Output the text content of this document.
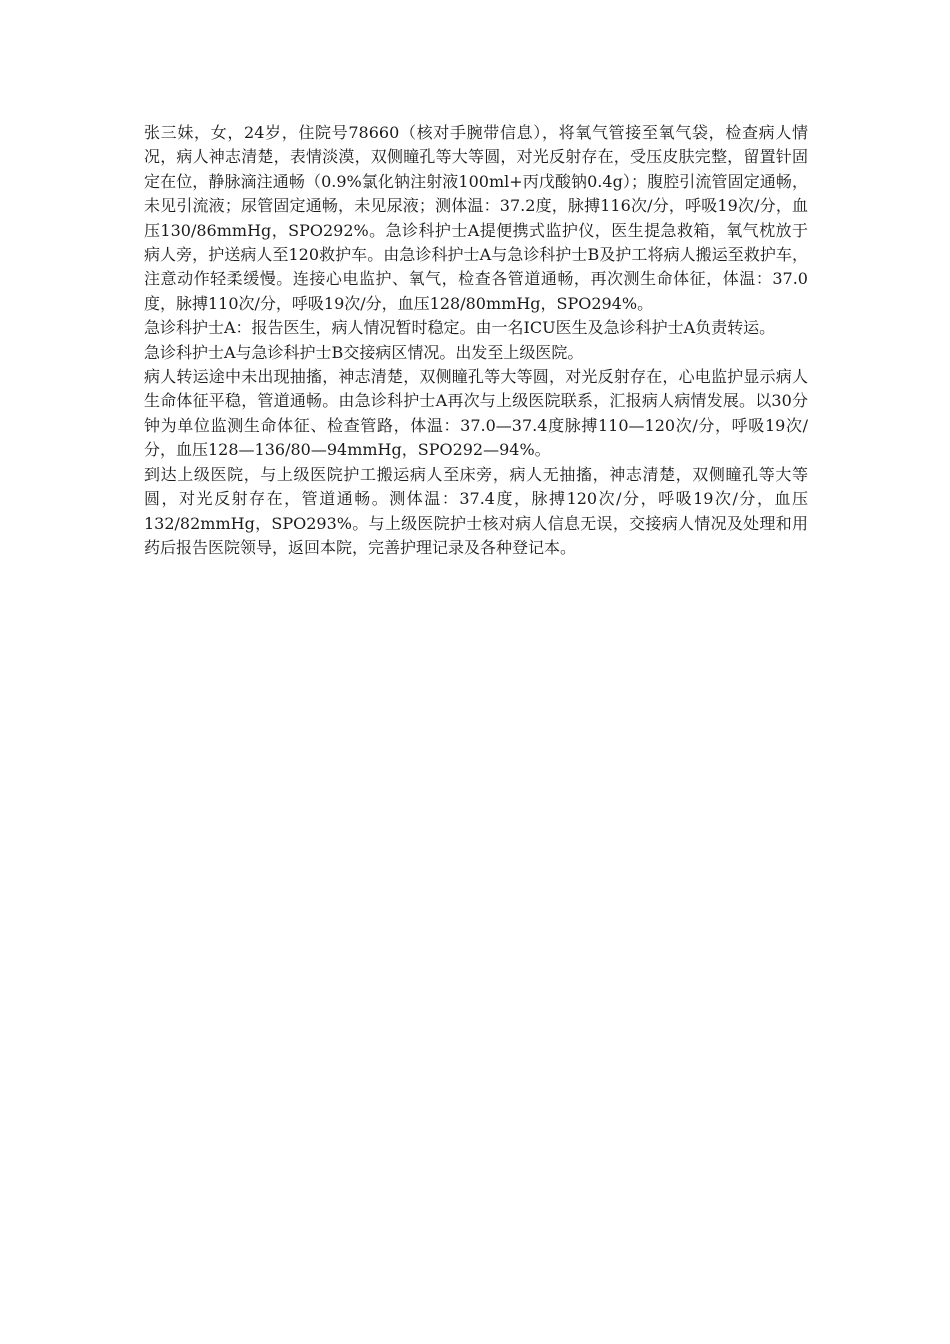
张三妹，女，24岁，住院号78660（核对手腕带信息），将氧气管接至氧气袋，检查病人情况，病人神志清楚，表情淡漠，双侧瞳孔等大等圆，对光反射存在，受压皮肤完整，留置针固定在位，静脉滴注通畅（0.9%氯化钠注射液100ml+丙戊酸钠0.4g）；腹腔引流管固定通畅，未见引流液；尿管固定通畅，未见尿液；测体温：37.2度，脉搏116次/分，呼吸19次/分，血压130/86mmHg，SPO292%。急诊科护士A提便携式监护仪，医生提急救箱，氧气枕放于病人旁，护送病人至120救护车。由急诊科护士A与急诊科护士B及护工将病人搬运至救护车，注意动作轻柔缓慢。连接心电监护、氧气，检查各管道通畅，再次测生命体征，体温：37.0度，脉搏110次/分，呼吸19次/分，血压128/80mmHg，SPO294%。

急诊科护士A：报告医生，病人情况暂时稳定。由一名ICU医生及急诊科护士A负责转运。

急诊科护士A与急诊科护士B交接病区情况。出发至上级医院。

病人转运途中未出现抽搐，神志清楚，双侧瞳孔等大等圆，对光反射存在，心电监护显示病人生命体征平稳，管道通畅。由急诊科护士A再次与上级医院联系，汇报病人病情发展。以30分钟为单位监测生命体征、检查管路，体温：37.0—37.4度脉搏110—120次/分，呼吸19次/分，血压128—136/80—94mmHg，SPO292—94%。

到达上级医院，与上级医院护工搬运病人至床旁，病人无抽搐，神志清楚，双侧瞳孔等大等圆，对光反射存在，管道通畅。测体温：37.4度，脉搏120次/分，呼吸19次/分，血压132/82mmHg，SPO293%。与上级医院护士核对病人信息无误，交接病人情况及处理和用药后报告医院领导，返回本院，完善护理记录及各种登记本。
